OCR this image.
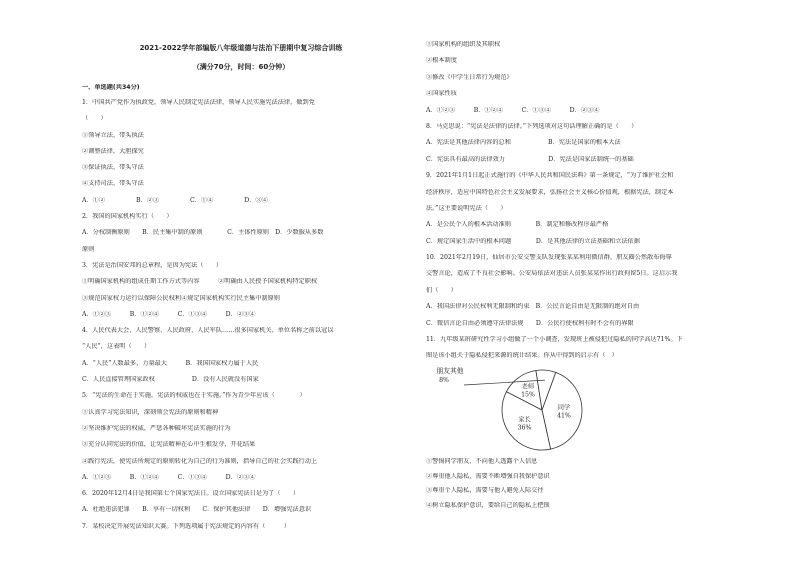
2021-2022学年部编版八年级道德与法治下册期中复习综合训练
（满分70分，时间：60分钟）
一、单选题(共34分)
1．中国共产党作为执政党，领导人民制定宪法法律，领导人民实施宪法法律，做到党
（　　）
①领导立法、带头执法
②调整法律、大胆探究
③保证执法、带头守法
④支持司法、带头守法
A．①②　　　　　B．②③　　　　　C．①④　　　　　D．③④
2．我国的国家机构实行（　　）
A．分权制衡原则　　B．民主集中制的原则　　　　C．主体性原则　D．少数服从多数
原则
3．宪法是治国安邦的总章程，是因为宪法（　　）
①明确国家机构的组成任期工作方式等内容　　　②明确由人民授予国家机构特定职权
③规范国家权力运行以保障公民权利④规定国家机构实行民主集中制原则
A．①②③　　　B．①②④　　　C．①③④　　　D．②③④
4．人民代表大会、人民警察、人民政府、人民军队……很多国家机关、单位名称之前以冠以
“人民”，这表明（　　）
A．“人民”人数最多，力量最大　　　B．我国国家权力属于人民
C．人民直接管理国家政权　　　　　　D．没有人民就没有国家
5．“宪法的生命在于实施，宪法的权威也在于实施。”作为青少年应该（　　　　）
①认真学习宪法知识，深刻领会宪法的原则和精神
②坚决维护宪法的权威，严惩各种破坏宪法实施的行为
③充分认同宪法的价值，让宪法精神在心中生根发芽，开花结果
④践行宪法，使宪法所规定的原则转化为自己的行为准则，指导自己的社会实践行动上
A．①②③　　　B．①②④　　　C．①③④　　　D．②③④
6．2020年12月4日是我国第七个国家宪法日。设立国家宪法日是为了（　　）
A．杜绝违法犯罪　　B．享有一切权利　　C．保护其他法律　　D．增强宪法意识
7．某校决定开展宪法知识大赛。下列选项属于宪法规定的内容有（　　　）
①国家机构的组织及其职权
②根本制度
③修改《中学生日常行为规范》
④国家性质
A．①②③　　　B．①②④　　　C．①③④　　　D．②③④
8．马克思说：“宪法是法律的法律。”下列选项对这句话理解正确的是（　　）
A．宪法是其他法律内容的总和　　　　　　B．宪法是国家的根本大法
C．宪法具有最高的法律效力　　　　　　　D．宪法是国家法制统一的基础
9．2021年1月1日起正式施行的《中华人民共和国民法典》第一条规定，“为了维护社会和
经济秩序，适应中国特色社会主义发展要求，弘扬社会主义核心价值观，根据宪法，制定本
法。”这主要说明宪法（　　）
A．是公民个人的根本活动准则　　　　B．制定和修改程序最严格
C．规定国家生活中的根本问题　　　　D．是其他法律的立法基础和立法依据
10．2021年2月19日，仙居市公安交警支队发现张某某利用微信群、朋友圈公然散布侮辱
交警言论，造成了不良社会影响。公安局依法对违法人员张某某作出行政拘留5日。这启示我
们（　　）
A．我国法律对公民权利无限制和约束　B．公民言论自由是无限制的绝对自由
C．微信言论自由必须遵守法律法规　　D．公民行使权利有时不会有的界限
11．九年级某班研究性学习小组做了一个小调查，发现班上被侵犯过隐私的同学高达71%。下
图是该小组关于隐私侵犯来源的统计结果。你从中得到的启示有（　）
同学
41%
家长
36%
老师
15%
朋友其他
8%
①警惕同学朋友，不向他人透露个人信息
②尊重他人隐私，需要不断增强自我保护意识
③尊重个人隐私，需要与他人避免人际交往
④树立隐私保护意识，要给自己的隐私上把锁
